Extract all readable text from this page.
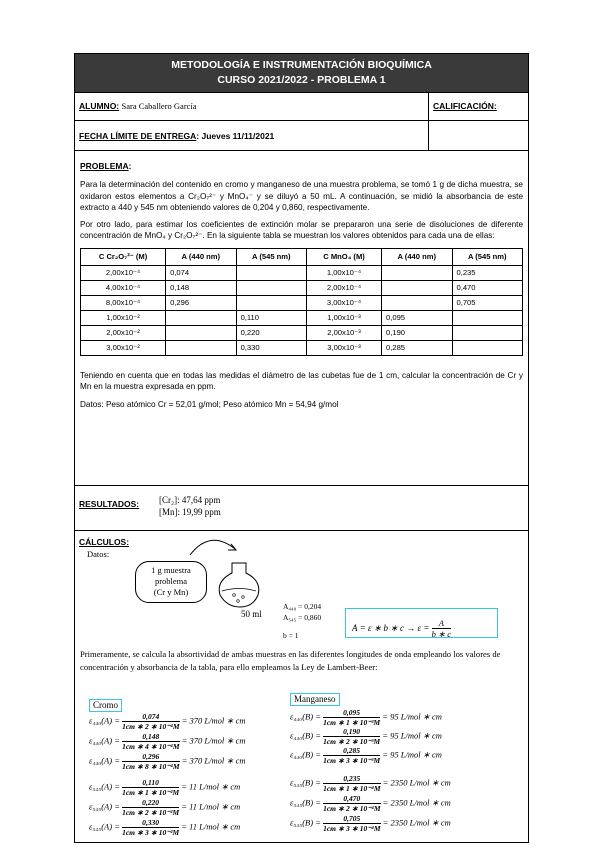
METODOLOGÍA E INSTRUMENTACIÓN BIOQUÍMICA
CURSO 2021/2022 - PROBLEMA 1
ALUMNO: Sara Caballero García	CALIFICACIÓN:
FECHA LÍMITE DE ENTREGA: Jueves 11/11/2021
PROBLEMA:

Para la determinación del contenido en cromo y manganeso de una muestra problema, se tomó 1 g de dicha muestra, se oxidaron estos elementos a Cr₂O₇²⁻ y MnO₄⁻ y se diluyó a 50 mL. A continuación, se midió la absorbancia de este extracto a 440 y 545 nm obteniendo valores de 0,204 y 0,860, respectivamente.

Por otro lado, para estimar los coeficientes de extinción molar se prepararon una serie de disoluciones de diferente concentración de MnO₄ y Cr₂O₇²⁻. En la siguiente tabla se muestran los valores obtenidos para cada una de ellas:

C Cr₂O₇²⁻ (M)	A (440 nm)	A (545 nm)	C MnO₄ (M)	A (440 nm)	A (545 nm)
2,00x10⁻⁴	0,074		1,00x10⁻⁴		0,235
4,00x10⁻⁴	0,148		2,00x10⁻⁴		0,470
8,00x10⁻⁴	0,296		3,00x10⁻⁴		0,705
1,00x10⁻²		0,110	1,00x10⁻³	0,095	
2,00x10⁻²		0,220	2,00x10⁻³	0,190	
3,00x10⁻²		0,330	3,00x10⁻³	0,285	

Teniendo en cuenta que en todas las medidas el diámetro de las cubetas fue de 1 cm, calcular la concentración de Cr y Mn en la muestra expresada en ppm.

Datos: Peso atómico Cr = 52,01 g/mol; Peso atómico Mn = 54,94 g/mol

RESULTADOS: [Cr₂]: 47,64 ppm
[Mn]: 19,99 ppm
CÁLCULOS:
Datos:
1 g muestra
problema
(Cr y Mn)
50 ml
A₄₄₀ = 0,204
A₅₄₅ = 0,860
b = 1
A = ε ∗ b ∗ $c \to \varepsilon = \frac{A}{b ∗ c}$

Primeramente, se calcula la absortividad de ambas muestras en las diferentes longitudes de onda empleando los valores de concentración y absorbancia de la tabla, para ello empleamos la Ley de Lambert-Beer:

Cromo
Manganeso
$\varepsilon_{440}(A) = \frac{0,074}{\text{1cm ∗ 2 ∗ 10⁻⁴M}} = 370$ L/mol ∗ cm
$\varepsilon_{440}(A) = \frac{0,148}{\text{1cm ∗ 4 ∗ 10⁻⁴M}} = 370$ L/mol ∗ cm
$\varepsilon_{440}(A) = \frac{0,296}{\text{1cm ∗ 8 ∗ 10⁻⁴M}} = 370$ L/mol ∗ cm
$\varepsilon_{440}(B) = \frac{0,095}{\text{1cm ∗ 1 ∗ 10⁻³M}} = 95$ L/mol ∗ cm
$\varepsilon_{440}(B) = \frac{0,190}{\text{1cm ∗ 2 ∗ 10⁻³M}} = 95$ L/mol ∗ cm
$\varepsilon_{440}(B) = \frac{0,285}{\text{1cm ∗ 3 ∗ 10⁻³M}} = 95$ L/mol ∗ cm
$\varepsilon_{545}(A) = \frac{0,110}{\text{1cm ∗ 1 ∗ 10⁻²M}} = 11$ L/mol ∗ cm
$\varepsilon_{545}(A) = \frac{0,220}{\text{1cm ∗ 2 ∗ 10⁻²M}} = 11$ L/mol ∗ cm
$\varepsilon_{545}(A) = \frac{0,330}{\text{1cm ∗ 3 ∗ 10⁻²M}} = 11$ L/mol ∗ cm
$\varepsilon_{545}(B) = \frac{0,235}{\text{1cm ∗ 1 ∗ 10⁻⁴M}} = 2350$ L/mol ∗ cm
$\varepsilon_{545}(B) = \frac{0,470}{\text{1cm ∗ 2 ∗ 10⁻⁴M}} = 2350$ L/mol ∗ cm
$\varepsilon_{545}(B) = \frac{0,705}{\text{1cm ∗ 3 ∗ 10⁻⁴M}} = 2350$ L/mol ∗ cm
